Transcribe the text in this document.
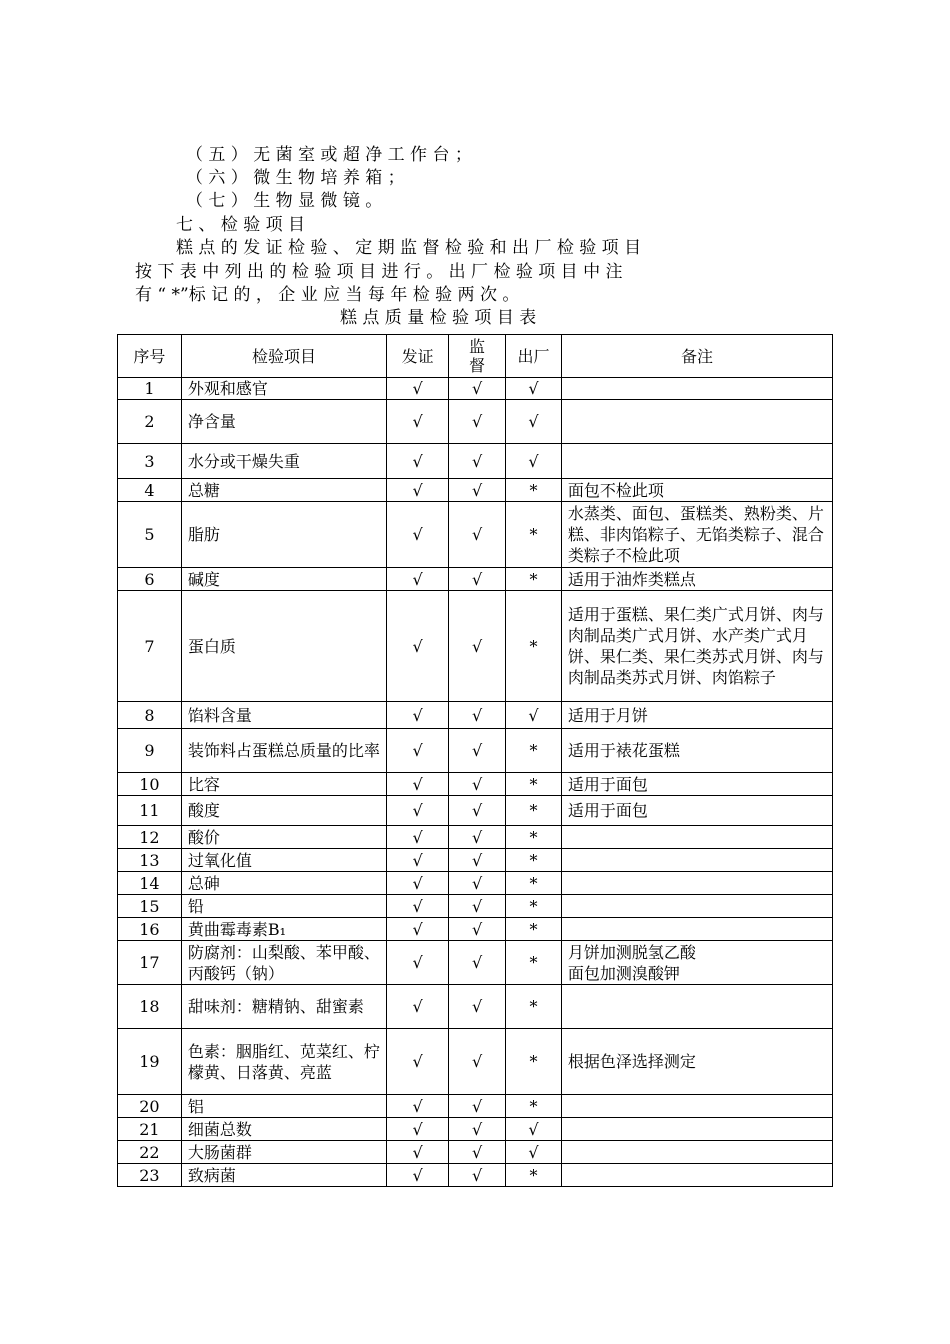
（ 五 ） 无 菌 室 或 超 净 工 作 台 ；
（ 六 ） 微 生 物 培 养 箱 ；
（ 七 ） 生 物 显 微 镜 。
七 、 检 验 项 目
糕 点 的 发 证 检 验 、 定 期 监 督 检 验 和 出 厂 检 验 项 目
按 下 表 中 列 出 的 检 验 项 目 进 行 。 出 厂 检 验 项 目 中 注
有 “ *”标 记 的 ， 企 业 应 当 每 年 检 验 两 次 。
糕 点 质 量 检 验 项 目 表
序号	检验项目	发证	监督	出厂	备注
1	外观和感官	√	√	√	
2	净含量	√	√	√	
3	水分或干燥失重	√	√	√	
4	总糖	√	√	*	面包不检此项
5	脂肪	√	√	*	水蒸类、面包、蛋糕类、熟粉类、片糕、非肉馅粽子、无馅类粽子、混合类粽子不检此项
6	碱度	√	√	*	适用于油炸类糕点
7	蛋白质	√	√	*	适用于蛋糕、果仁类广式月饼、肉与肉制品类广式月饼、水产类广式月饼、果仁类、果仁类苏式月饼、肉与肉制品类苏式月饼、肉馅粽子
8	馅料含量	√	√	√	适用于月饼
9	装饰料占蛋糕总质量的比率	√	√	*	适用于裱花蛋糕
10	比容	√	√	*	适用于面包
11	酸度	√	√	*	适用于面包
12	酸价	√	√	*	
13	过氧化值	√	√	*	
14	总砷	√	√	*	
15	铅	√	√	*	
16	黄曲霉毒素B₁	√	√	*	
17	防腐剂：山梨酸、苯甲酸、丙酸钙（钠）	√	√	*	月饼加测脱氢乙酸
面包加测溴酸钾
18	甜味剂：糖精钠、甜蜜素	√	√	*	
19	色素：胭脂红、苋菜红、柠檬黄、日落黄、亮蓝	√	√	*	根据色泽选择测定
20	铝	√	√	*	
21	细菌总数	√	√	√	
22	大肠菌群	√	√	√	
23	致病菌	√	√	*	
